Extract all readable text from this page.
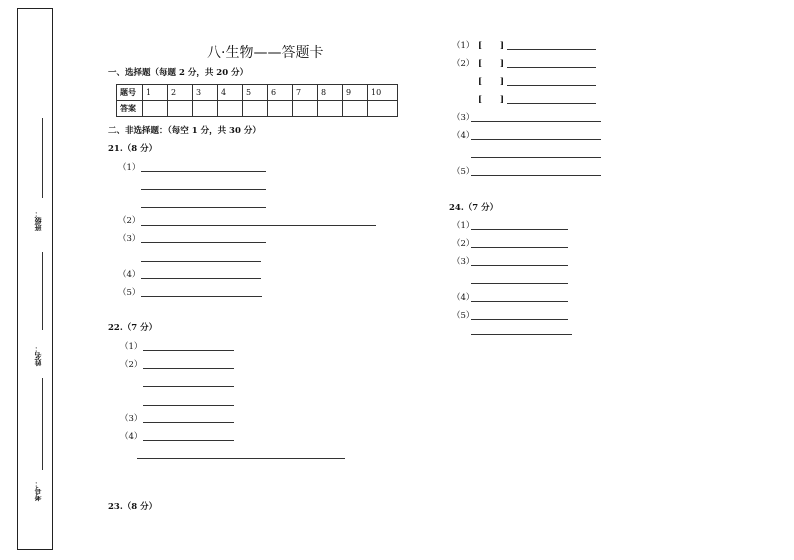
班级：
姓名：
考号：
八·生物——答题卡
一、选择题（每题 2 分，共 20 分）
题号	1	2	3	4	5	6	7	8	9	10
答案										
二、非选择题：（每空 1 分，共 30 分）
21.（8 分）
（1）
（2）
（3）
（4）
（5）
22.（7 分）
（1）
（2）
（3）
（4）
23.（8 分）
（1） [ ]
（2） [ ]
[ ]
[ ]
（3）
（4）
（5）
24.（7 分）
（1）
（2）
（3）
（4）
（5）
